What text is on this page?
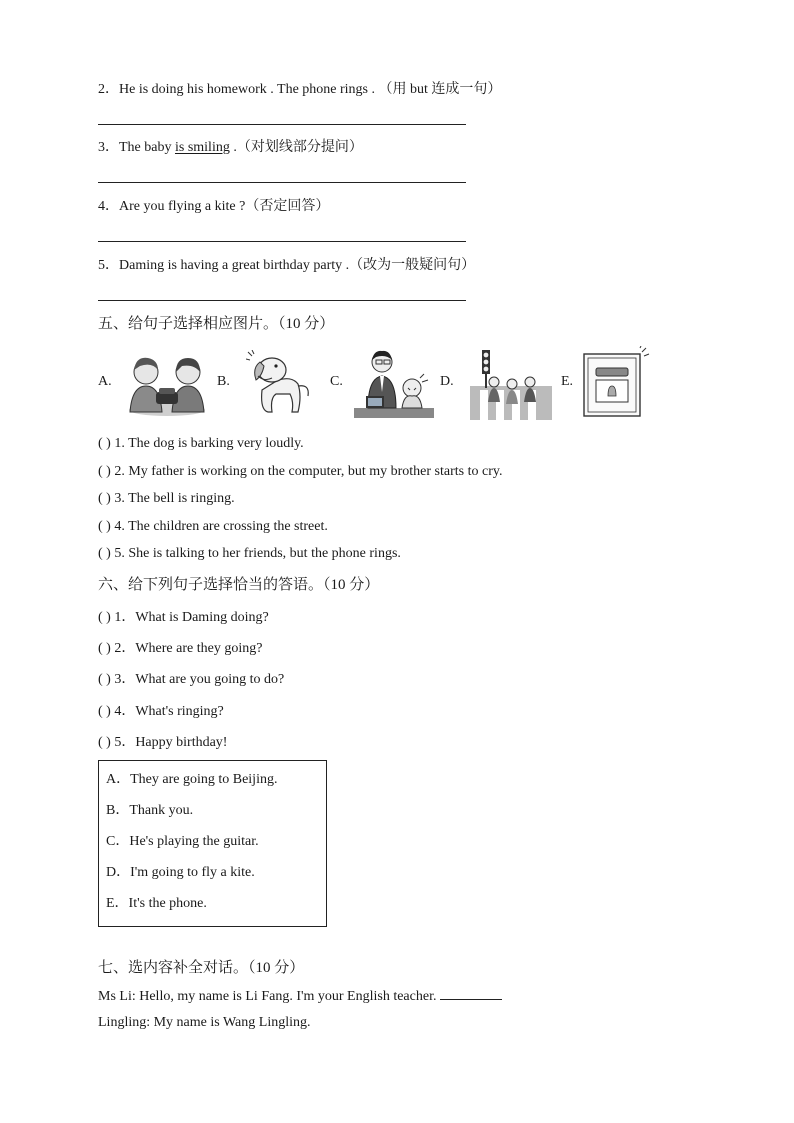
2．He is doing his homework . The phone rings . （用 but 连成一句）
3．The baby is smiling .（对划线部分提问）
4．Are you flying a kite ?（否定回答）
5．Daming is having a great birthday party .（改为一般疑问句）
五、给句子选择相应图片。（10 分）
A.	B.	C.	D.	E.
( ) 1. The dog is barking very loudly.
( ) 2. My father is working on the computer, but my brother starts to cry.
( ) 3. The bell is ringing.
( ) 4. The children are crossing the street.
( ) 5. She is talking to her friends, but the phone rings.
六、给下列句子选择恰当的答语。（10 分）
( ) 1．What is Daming doing?
( ) 2．Where are they going?
( ) 3．What are you going to do?
( ) 4．What's ringing?
( ) 5．Happy birthday!
A．They are going to Beijing.
B．Thank you.
C．He's playing the guitar.
D．I'm going to fly a kite.
E．It's the phone.
七、选内容补全对话。（10 分）
Ms Li: Hello, my name is Li Fang. I'm your English teacher.
Lingling: My name is Wang Lingling.
